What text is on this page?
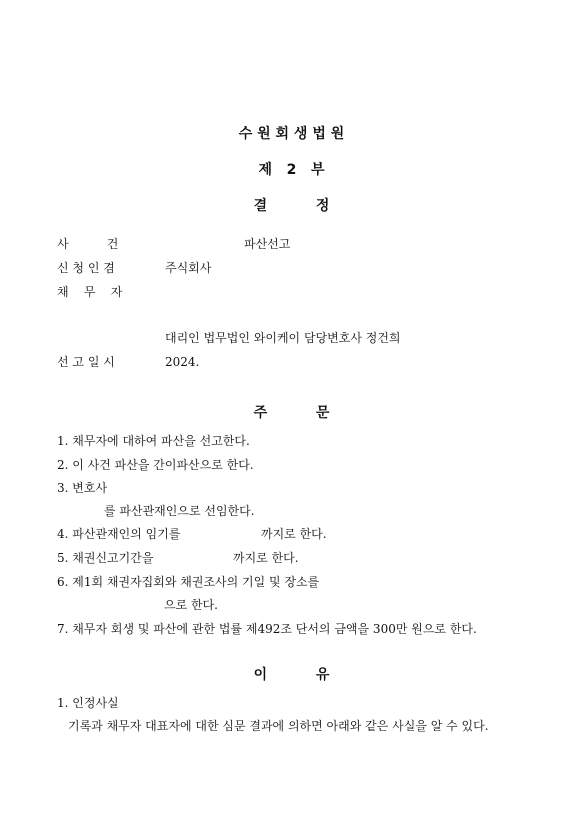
수 원 회 생 법 원
제   2   부
결          정
사          건	파산선고
신 청 인 겸	주식회사
채    무    자
대리인 법무법인 와이케이 담당변호사 정건희
선 고 일 시	2024.
주          문
1. 채무자에 대하여 파산을 선고한다.
2. 이 사건 파산을 간이파산으로 한다.
3. 변호사
를 파산관재인으로 선임한다.
4. 파산관재인의 임기를	까지로 한다.
5. 채권신고기간을	까지로 한다.
6. 제1회 채권자집회와 채권조사의 기일 및 장소를
으로 한다.
7. 채무자 회생 및 파산에 관한 법률 제492조 단서의 금액을 300만 원으로 한다.
이          유
1. 인정사실
기록과 채무자 대표자에 대한 심문 결과에 의하면 아래와 같은 사실을 알 수 있다.
